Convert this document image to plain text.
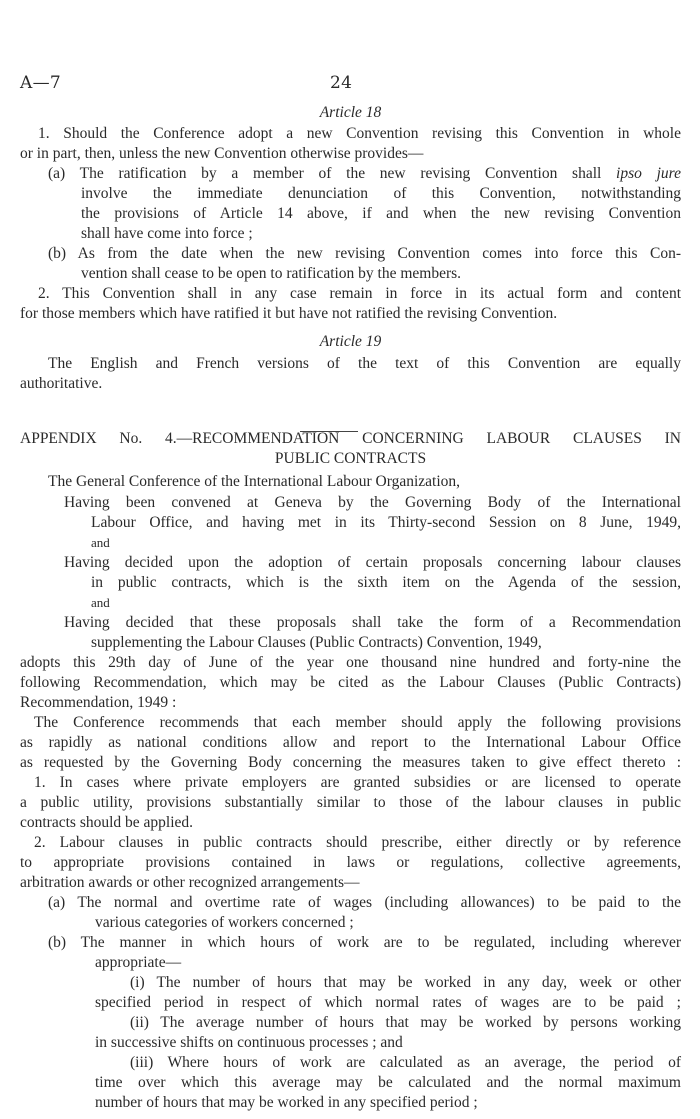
A—7	24
Article 18
1. Should the Conference adopt a new Convention revising this Convention in whole
or in part, then, unless the new Convention otherwise provides—
(a) The ratification by a member of the new revising Convention shall ipso jure
involve the immediate denunciation of this Convention, notwithstanding
the provisions of Article 14 above, if and when the new revising Convention
shall have come into force ;
(b) As from the date when the new revising Convention comes into force this Con-
vention shall cease to be open to ratification by the members.
2. This Convention shall in any case remain in force in its actual form and content
for those members which have ratified it but have not ratified the revising Convention.
Article 19
The English and French versions of the text of this Convention are equally
authoritative.
APPENDIX No. 4.—RECOMMENDATION CONCERNING LABOUR CLAUSES IN
PUBLIC CONTRACTS
The General Conference of the International Labour Organization,
Having been convened at Geneva by the Governing Body of the International
Labour Office, and having met in its Thirty-second Session on 8 June, 1949,
and
Having decided upon the adoption of certain proposals concerning labour clauses
in public contracts, which is the sixth item on the Agenda of the session,
and
Having decided that these proposals shall take the form of a Recommendation
supplementing the Labour Clauses (Public Contracts) Convention, 1949,
adopts this 29th day of June of the year one thousand nine hundred and forty-nine the
following Recommendation, which may be cited as the Labour Clauses (Public Contracts)
Recommendation, 1949 :
The Conference recommends that each member should apply the following provisions
as rapidly as national conditions allow and report to the International Labour Office
as requested by the Governing Body concerning the measures taken to give effect thereto :
1. In cases where private employers are granted subsidies or are licensed to operate
a public utility, provisions substantially similar to those of the labour clauses in public
contracts should be applied.
2. Labour clauses in public contracts should prescribe, either directly or by reference
to appropriate provisions contained in laws or regulations, collective agreements,
arbitration awards or other recognized arrangements—
(a) The normal and overtime rate of wages (including allowances) to be paid to the
various categories of workers concerned ;
(b) The manner in which hours of work are to be regulated, including wherever
appropriate—
(i) The number of hours that may be worked in any day, week or other
specified period in respect of which normal rates of wages are to be paid ;
(ii) The average number of hours that may be worked by persons working
in successive shifts on continuous processes ; and
(iii) Where hours of work are calculated as an average, the period of
time over which this average may be calculated and the normal maximum
number of hours that may be worked in any specified period ;
